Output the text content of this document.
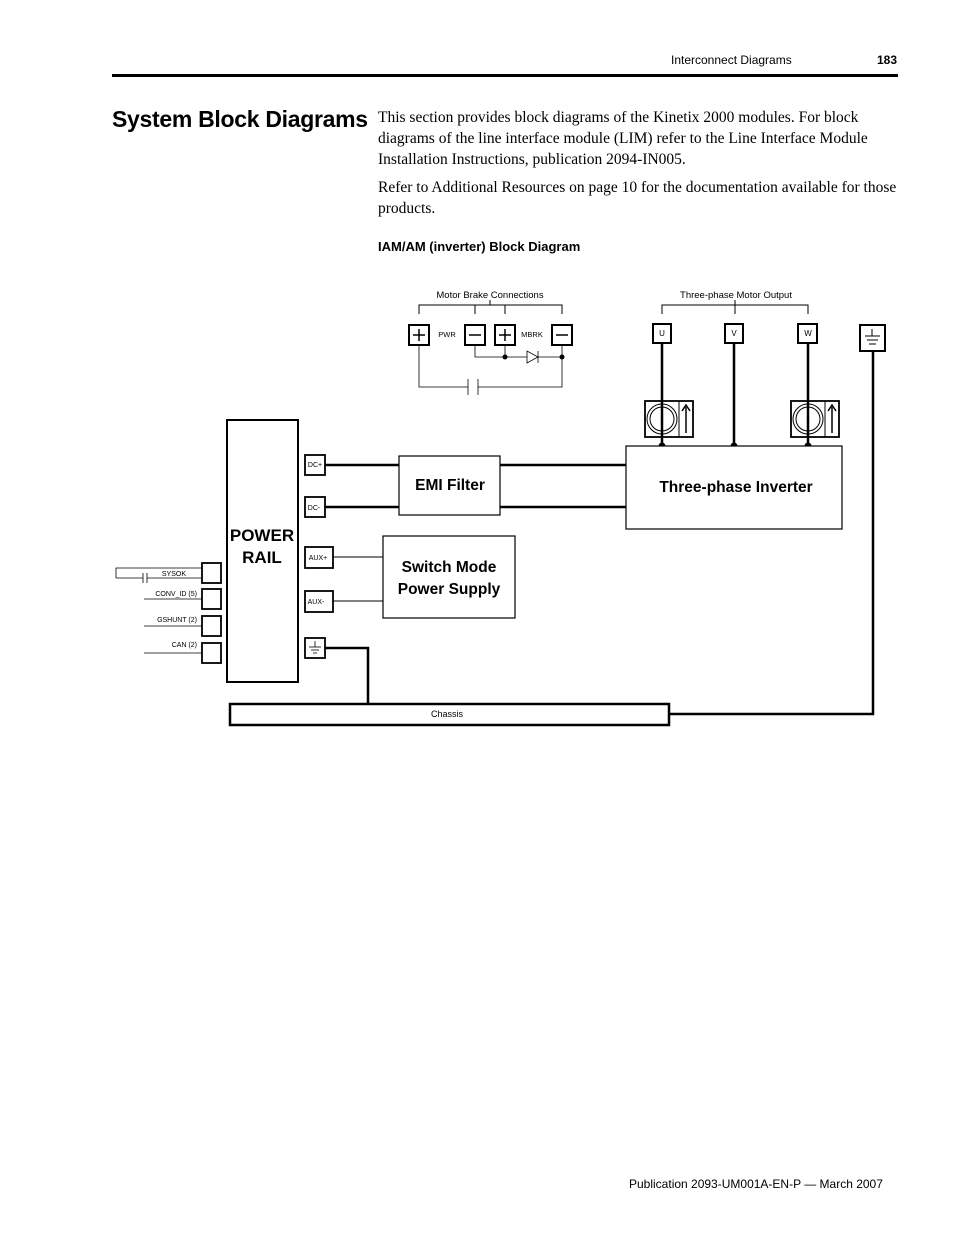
Interconnect Diagrams	183
System Block Diagrams This section provides block diagrams of the Kinetix 2000 modules. For block diagrams of the line interface module (LIM) refer to the Line Interface Module Installation Instructions, publication 2094-IN005.

Refer to Additional Resources on page 10 for the documentation available for those products.

IAM/AM (inverter) Block Diagram
Motor Brake Connections
PWR	MBRK
Three-phase Motor Output
U	V	W
POWER
RAIL
DC+
DC-
AUX+
AUX-
EMI Filter	Three-phase Inverter
Switch Mode
Power Supply
SYSOK
CONV_ID (5)
GSHUNT (2)
CAN (2)
Chassis
Publication 2093-UM001A-EN-P — March 2007
